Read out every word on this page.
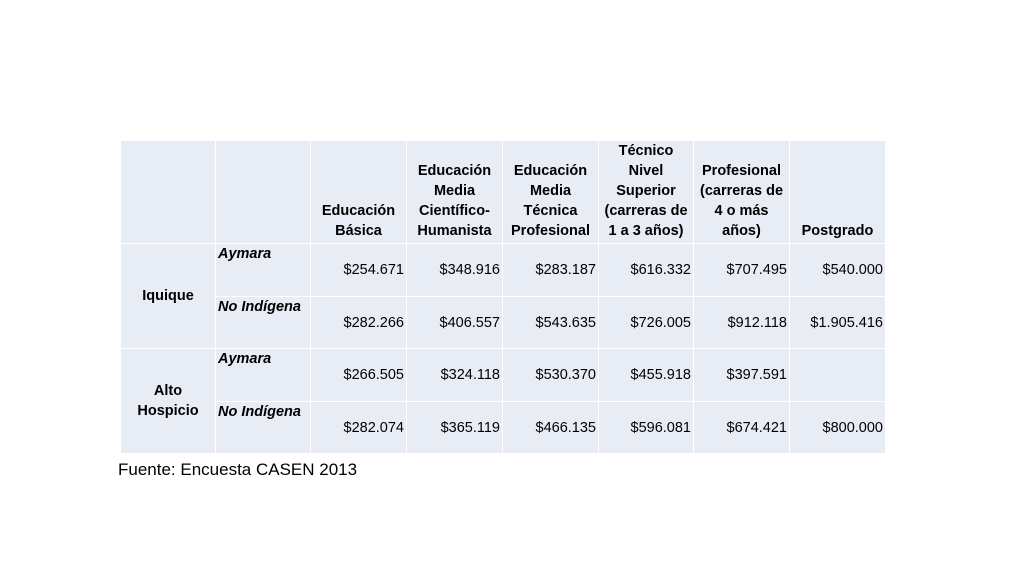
		Educación Básica	Educación Media Científico-Humanista	Educación Media Técnica Profesional	Técnico Nivel Superior (carreras de 1 a 3 años)	Profesional (carreras de 4 o más años)	Postgrado
Iquique	Aymara	$254.671	$348.916	$283.187	$616.332	$707.495	$540.000
	No Indígena	$282.266	$406.557	$543.635	$726.005	$912.118	$1.905.416
Alto Hospicio	Aymara	$266.505	$324.118	$530.370	$455.918	$397.591	
	No Indígena	$282.074	$365.119	$466.135	$596.081	$674.421	$800.000
Fuente: Encuesta CASEN 2013
